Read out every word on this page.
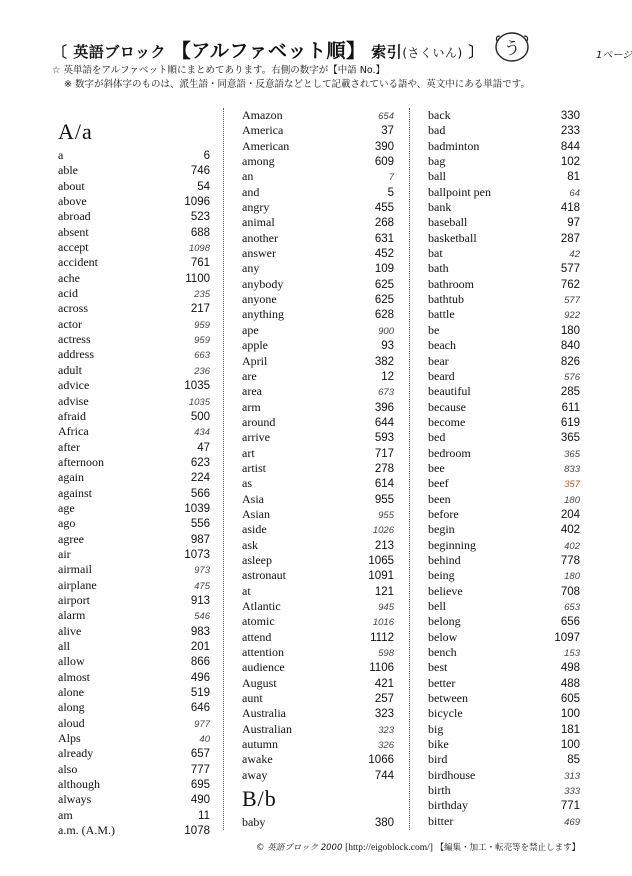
〔 英語ブロック 【アルファベット順】 索引(さくいん) 〕 う	1ページ
☆ 英単語をアルファベット順にまとめてあります。右側の数字が【中語 No.】
※ 数字が斜体字のものは、派生語・同意語・反意語などとして記載されている語や、英文中にある単語です。
A/a
a	6
able	746
about	54
above	1096
abroad	523
absent	688
accept	1098
accident	761
ache	1100
acid	235
across	217
actor	959
actress	959
address	663
adult	236
advice	1035
advise	1035
afraid	500
Africa	434
after	47
afternoon	623
again	224
against	566
age	1039
ago	556
agree	987
air	1073
airmail	973
airplane	475
airport	913
alarm	546
alive	983
all	201
allow	866
almost	496
alone	519
along	646
aloud	977
Alps	40
already	657
also	777
although	695
always	490
am	11
a.m. (A.M.)	1078
Amazon	654
America	37
American	390
among	609
an	7
and	5
angry	455
animal	268
another	631
answer	452
any	109
anybody	625
anyone	625
anything	628
ape	900
apple	93
April	382
are	12
area	673
arm	396
around	644
arrive	593
art	717
artist	278
as	614
Asia	955
Asian	955
aside	1026
ask	213
asleep	1065
astronaut	1091
at	121
Atlantic	945
atomic	1016
attend	1112
attention	598
audience	1106
August	421
aunt	257
Australia	323
Australian	323
autumn	326
awake	1066
away	744
B/b
baby	380
back	330
bad	233
badminton	844
bag	102
ball	81
ballpoint pen	64
bank	418
baseball	97
basketball	287
bat	42
bath	577
bathroom	762
bathtub	577
battle	922
be	180
beach	840
bear	826
beard	576
beautiful	285
because	611
become	619
bed	365
bedroom	365
bee	833
beef	357
been	180
before	204
begin	402
beginning	402
behind	778
being	180
believe	708
bell	653
belong	656
below	1097
bench	153
best	498
better	488
between	605
bicycle	100
big	181
bike	100
bird	85
birdhouse	313
birth	333
birthday	771
bitter	469
© 英語ブロック 2000 [http://eigoblock.com/] 【編集・加工・転売等を禁止します】
